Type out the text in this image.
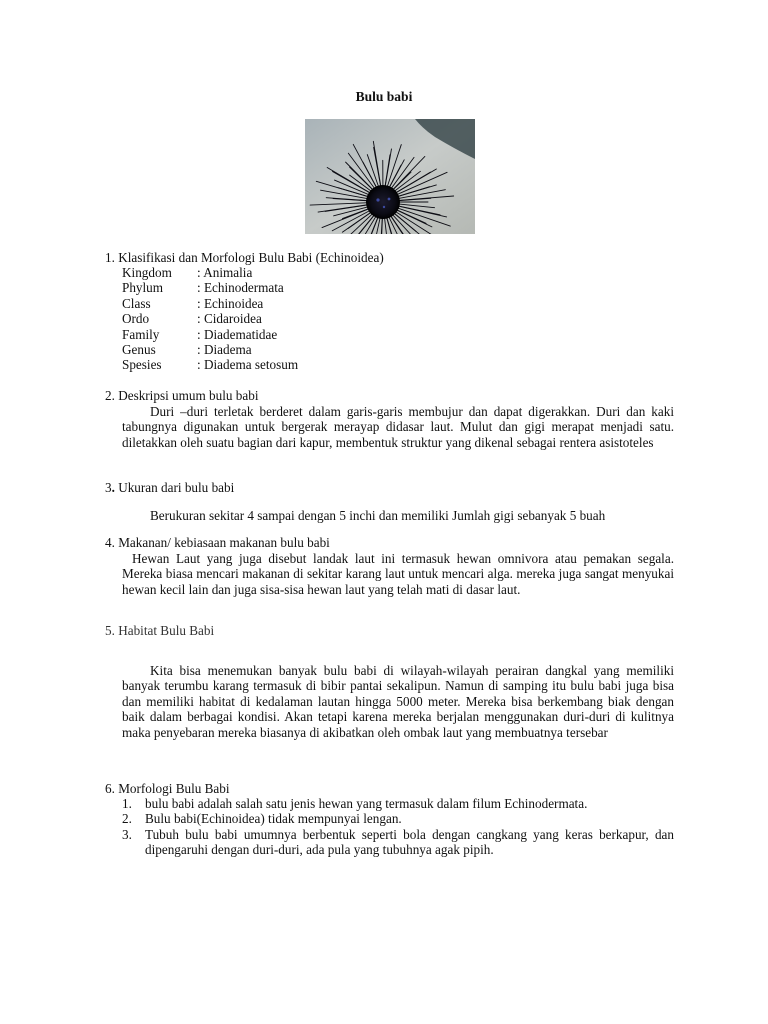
Bulu babi
1. Klasifikasi dan Morfologi Bulu Babi (Echinoidea)
Kingdom	: Animalia
Phylum	: Echinodermata
Class	: Echinoidea
Ordo	: Cidaroidea
Family	: Diadematidae
Genus	: Diadema
Spesies	: Diadema setosum
2. Deskripsi umum bulu babi
Duri –duri terletak berderet dalam garis-garis membujur dan dapat digerakkan. Duri dan kaki tabungnya digunakan untuk bergerak merayap didasar laut. Mulut dan gigi merapat menjadi satu. diletakkan oleh suatu bagian dari kapur, membentuk struktur yang dikenal sebagai rentera asistoteles
3. Ukuran dari bulu babi
Berukuran sekitar 4 sampai dengan 5 inchi dan memiliki Jumlah gigi sebanyak 5 buah
4. Makanan/ kebiasaan makanan bulu babi
Hewan Laut yang juga disebut landak laut ini termasuk hewan omnivora atau pemakan segala. Mereka biasa mencari makanan di sekitar karang laut untuk mencari alga. mereka juga sangat menyukai hewan kecil lain dan juga sisa-sisa hewan laut yang telah mati di dasar laut.
5. Habitat Bulu Babi
Kita bisa menemukan banyak bulu babi di wilayah-wilayah perairan dangkal yang memiliki banyak terumbu karang termasuk di bibir pantai sekalipun. Namun di samping itu bulu babi juga bisa dan memiliki habitat di kedalaman lautan hingga 5000 meter. Mereka bisa berkembang biak dengan baik dalam berbagai kondisi. Akan tetapi karena mereka berjalan menggunakan duri-duri di kulitnya maka penyebaran mereka biasanya di akibatkan oleh ombak laut yang membuatnya tersebar
6. Morfologi Bulu Babi
1. bulu babi adalah salah satu jenis hewan yang termasuk dalam filum Echinodermata.
2. Bulu babi(Echinoidea) tidak mempunyai lengan.
3. Tubuh bulu babi umumnya berbentuk seperti bola dengan cangkang yang keras berkapur, dan dipengaruhi dengan duri-duri, ada pula yang tubuhnya agak pipih.
